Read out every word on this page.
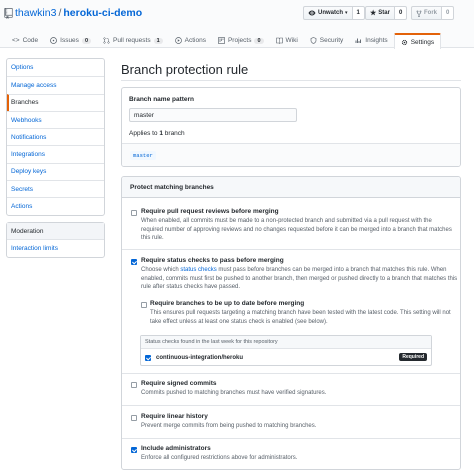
thawkin3 / heroku-ci-demo	Unwatch ▾	1	★ Star	0	Fork	0
<> Code	Issues	0	Pull requests	1	Actions	Projects	0	Wiki	Security	Insights	Settings
Options
Manage access
Branches
Webhooks
Notifications
Integrations
Deploy keys
Secrets
Actions
Moderation
Interaction limits
Branch protection rule
Branch name pattern
master
Applies to 1 branch
master
Protect matching branches
Require pull request reviews before merging
When enabled, all commits must be made to a non-protected branch and submitted via a pull request with the required number of approving reviews and no changes requested before it can be merged into a branch that matches this rule.
Require status checks to pass before merging
Choose which status checks must pass before branches can be merged into a branch that matches this rule. When enabled, commits must first be pushed to another branch, then merged or pushed directly to a branch that matches this rule after status checks have passed.
Require branches to be up to date before merging
This ensures pull requests targeting a matching branch have been tested with the latest code. This setting will not take effect unless at least one status check is enabled (see below).
Require signed commits
Commits pushed to matching branches must have verified signatures.
Require linear history
Prevent merge commits from being pushed to matching branches.
Include administrators
Enforce all configured restrictions above for administrators.
Status checks found in the last week for this repository
continuous-integration/heroku	Required
